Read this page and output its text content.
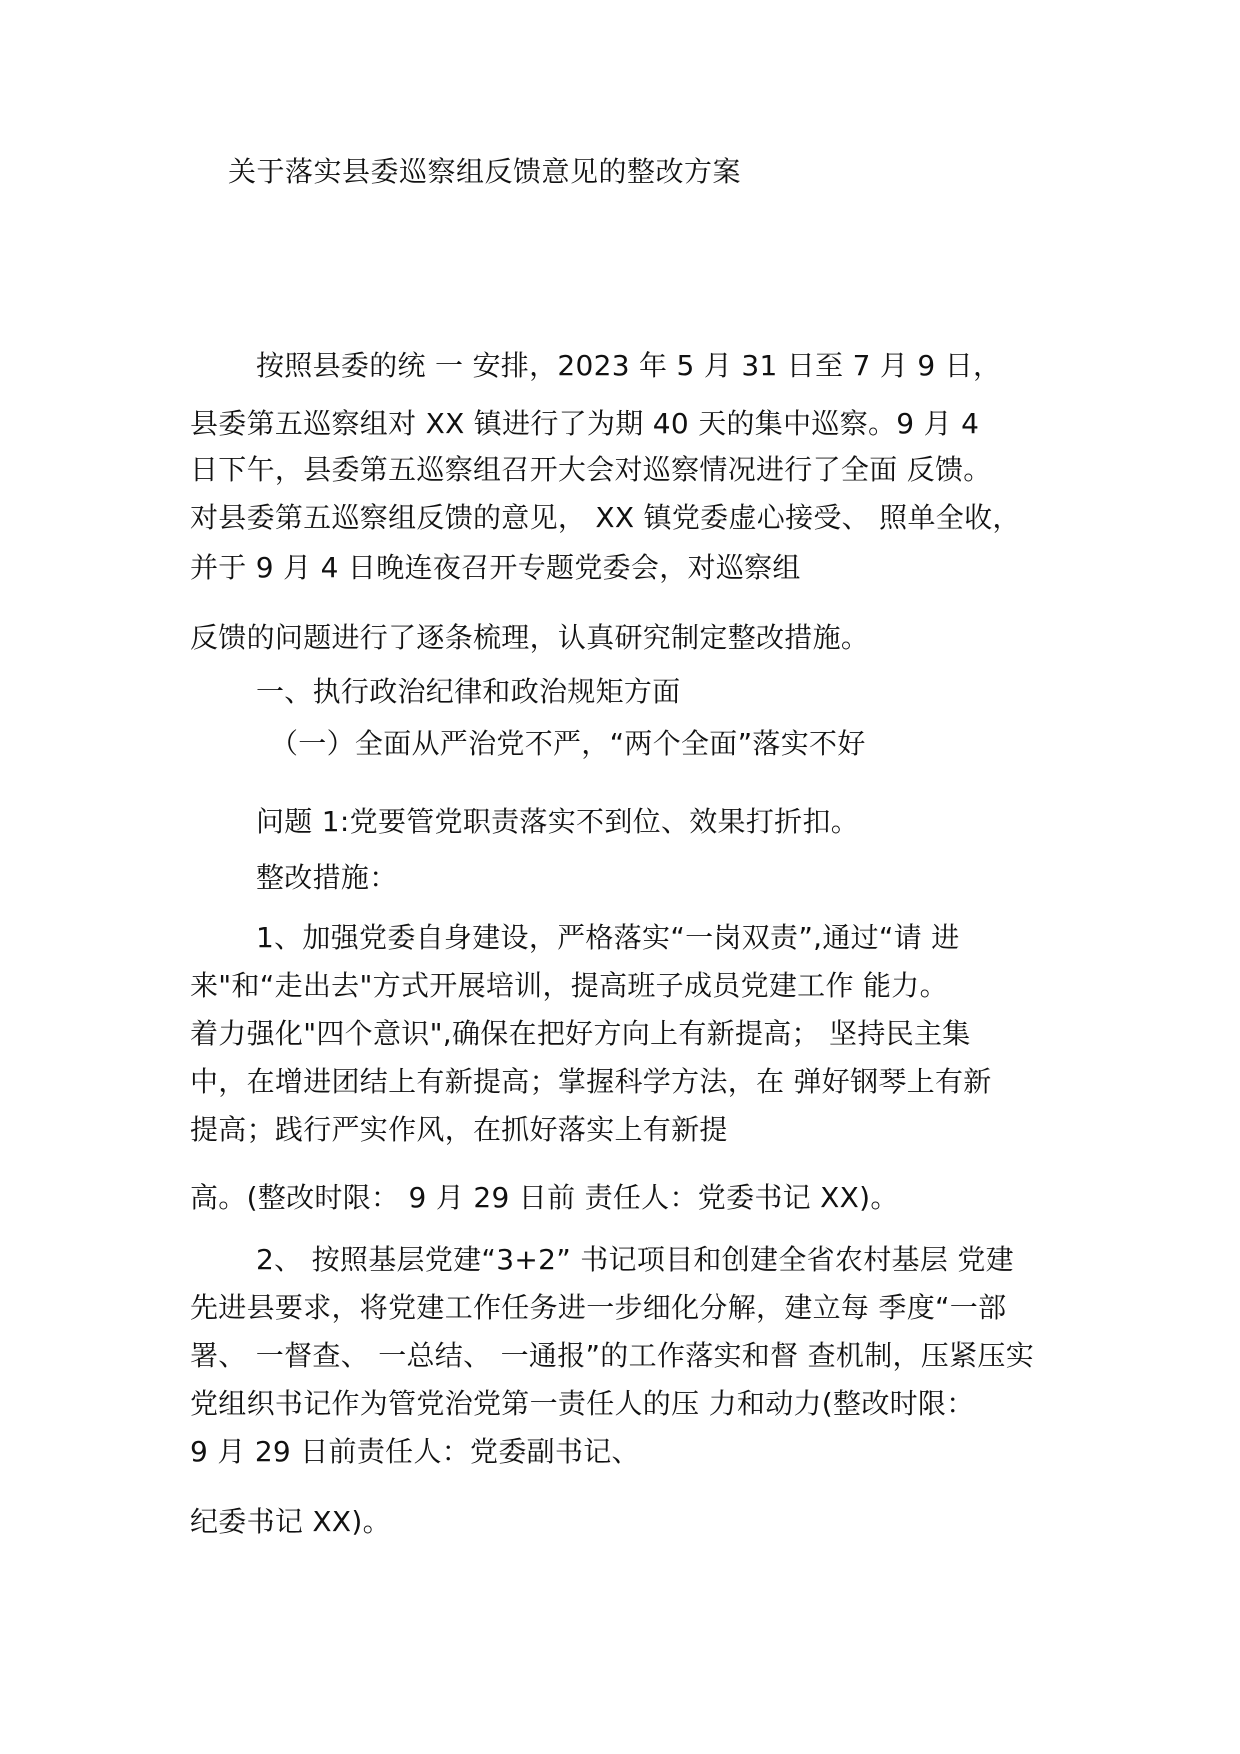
关于落实县委巡察组反馈意见的整改方案
按照县委的统 一 安排，2023 年 5 月 31 日至 7 月 9 日，
县委第五巡察组对 XX 镇进行了为期 40 天的集中巡察。9 月 4
日下午，县委第五巡察组召开大会对巡察情况进行了全面 反馈。
对县委第五巡察组反馈的意见， XX 镇党委虚心接受、 照单全收，
并于 9 月 4 日晚连夜召开专题党委会，对巡察组
反馈的问题进行了逐条梳理，认真研究制定整改措施。
一、执行政治纪律和政治规矩方面
（一）全面从严治党不严，“两个全面”落实不好
问题 1:党要管党职责落实不到位、效果打折扣。
整改措施：
1、加强党委自身建设，严格落实“一岗双责”,通过“请 进
来"和“走出去"方式开展培训，提高班子成员党建工作 能力。
着力强化"四个意识",确保在把好方向上有新提高； 坚持民主集
中，在增进团结上有新提高；掌握科学方法，在 弹好钢琴上有新
提高；践行严实作风，在抓好落实上有新提
高。(整改时限： 9 月 29 日前 责任人：党委书记 XX)。
2、 按照基层党建“3+2” 书记项目和创建全省农村基层 党建
先进县要求，将党建工作任务进一步细化分解，建立每 季度“一部
署、 一督查、 一总结、 一通报”的工作落实和督 查机制，压紧压实
党组织书记作为管党治党第一责任人的压 力和动力(整改时限：
9 月 29 日前责任人：党委副书记、
纪委书记 XX)。
